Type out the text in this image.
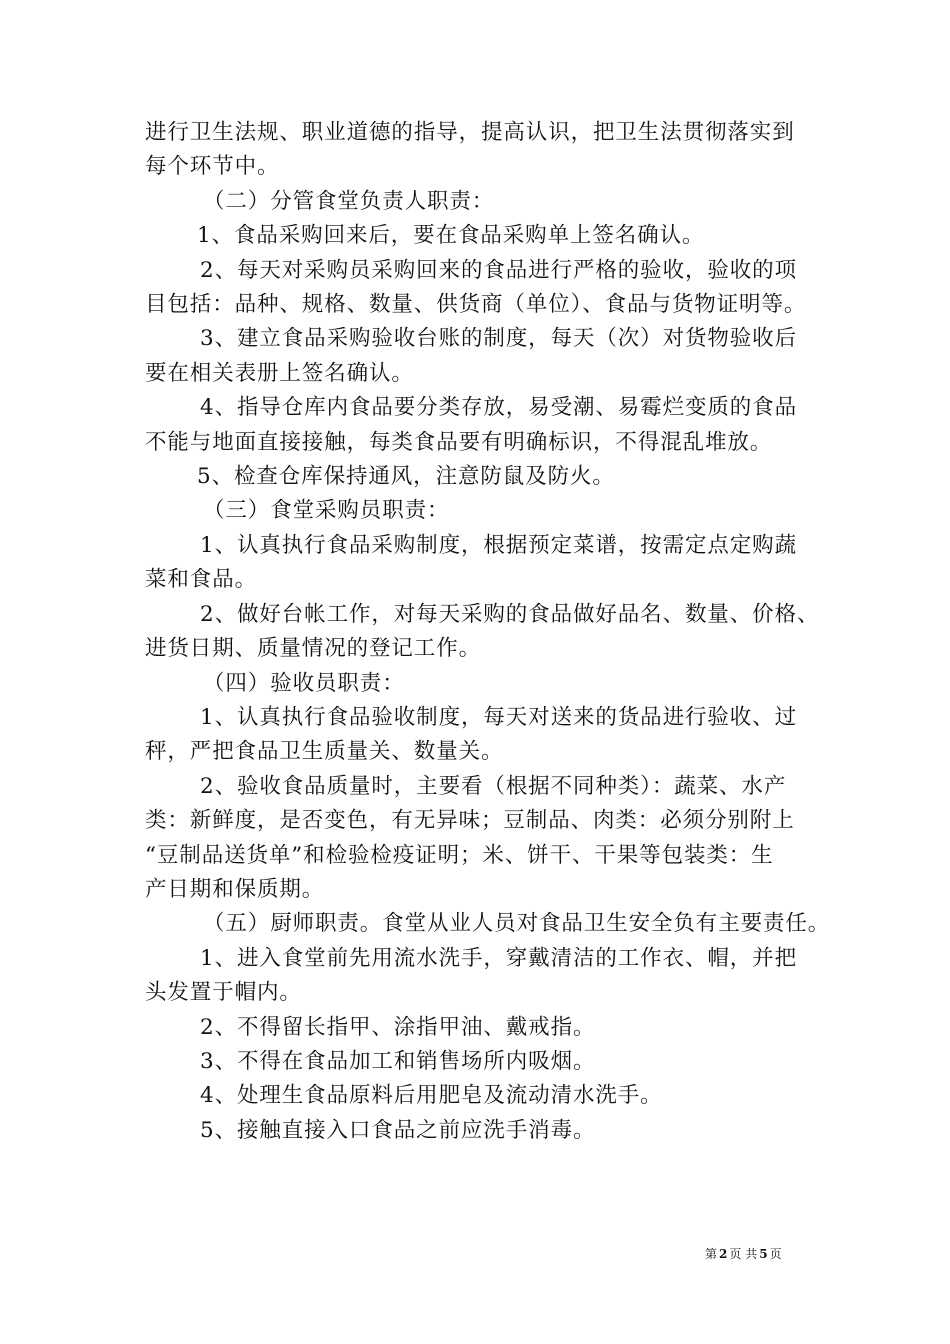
进行卫生法规、职业道德的指导，提高认识，把卫生法贯彻落实到
每个环节中。
（二）分管食堂负责人职责：
1、食品采购回来后，要在食品采购单上签名确认。
2、每天对采购员采购回来的食品进行严格的验收，验收的项
目包括：品种、规格、数量、供货商（单位）、食品与货物证明等。
3、建立食品采购验收台账的制度，每天（次）对货物验收后
要在相关表册上签名确认。
4、指导仓库内食品要分类存放，易受潮、易霉烂变质的食品
不能与地面直接接触，每类食品要有明确标识，不得混乱堆放。
5、检查仓库保持通风，注意防鼠及防火。
（三）食堂采购员职责：
1、认真执行食品采购制度，根据预定菜谱，按需定点定购蔬
菜和食品。
2、做好台帐工作，对每天采购的食品做好品名、数量、价格、
进货日期、质量情况的登记工作。
（四）验收员职责：
1、认真执行食品验收制度，每天对送来的货品进行验收、过
秤，严把食品卫生质量关、数量关。
2、验收食品质量时，主要看（根据不同种类）：蔬菜、水产
类：新鲜度，是否变色，有无异味；豆制品、肉类：必须分别附上
“豆制品送货单”和检验检疫证明；米、饼干、干果等包装类：生
产日期和保质期。
（五）厨师职责。食堂从业人员对食品卫生安全负有主要责任。
1、进入食堂前先用流水洗手，穿戴清洁的工作衣、帽，并把
头发置于帽内。
2、不得留长指甲、涂指甲油、戴戒指。
3、不得在食品加工和销售场所内吸烟。
4、处理生食品原料后用肥皂及流动清水洗手。
5、接触直接入口食品之前应洗手消毒。
第 2 页 共 5 页
